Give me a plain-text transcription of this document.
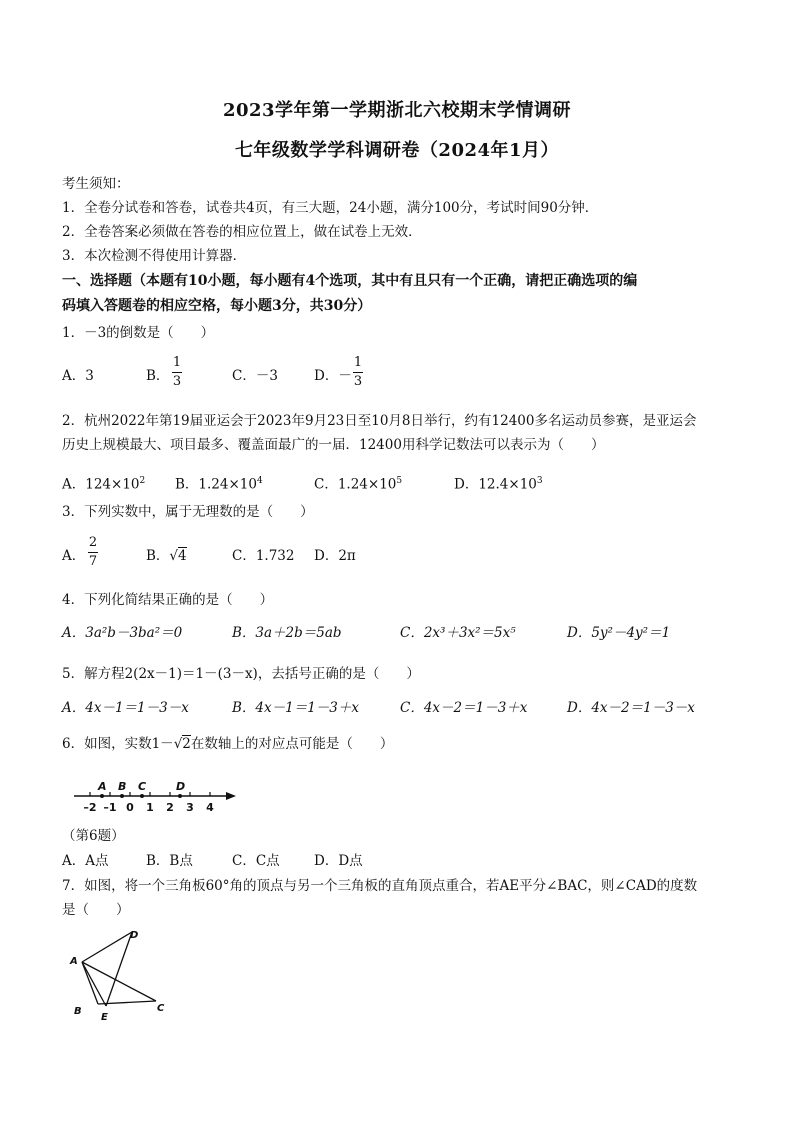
2023学年第一学期浙北六校期末学情调研
七年级数学学科调研卷（2024年1月）
考生须知：
1．全卷分试卷和答卷，试卷共4页，有三大题，24小题，满分100分，考试时间90分钟．
2．全卷答案必须做在答卷的相应位置上，做在试卷上无效．
3．本次检测不得使用计算器．
一、选择题（本题有10小题，每小题有4个选项，其中有且只有一个正确，请把正确选项的编
码填入答题卷的相应空格，每小题3分，共30分）
1．－3的倒数是（　　）
A．3	B．
1
3	C．－3	D．－
1
3
2．杭州2022年第19届亚运会于2023年9月23日至10月8日举行，约有12400多名运动员参赛，是亚运会
历史上规模最大、项目最多、覆盖面最广的一届．12400用科学记数法可以表示为（　　）
A．$124\times 10^2$ B．$1.24\times 10^4$	C．$1.24\times 10^5$	D．$12.4\times 10^3$
3．下列实数中，属于无理数的是（　　）
A．
2
7	B．√4	C．1.732 D．2π
4．下列化简结果正确的是（　　）
A．3a²b－3ba²＝0	B．3a＋2b＝5ab	C．2x³＋3x²＝5x⁵	D．5y²－4y²＝1
5．解方程2(2x－1)＝1－(3－x)，去括号正确的是（　　）
A．4x－1＝1－3－x	B．4x－1＝1－3＋x	C．4x－2＝1－3＋x	D．4x－2＝1－3－x
6．如图，实数1－√2在数轴上的对应点可能是（　　）
A B C	D
–2 –1 0 1 2 3 4
（第6题）
A．A点	B．B点	C．C点	D．D点
7．如图，将一个三角板60°角的顶点与另一个三角板的直角顶点重合，若AE平分∠BAC，则∠CAD的度数
是（　　）
A
B	C
D
E
